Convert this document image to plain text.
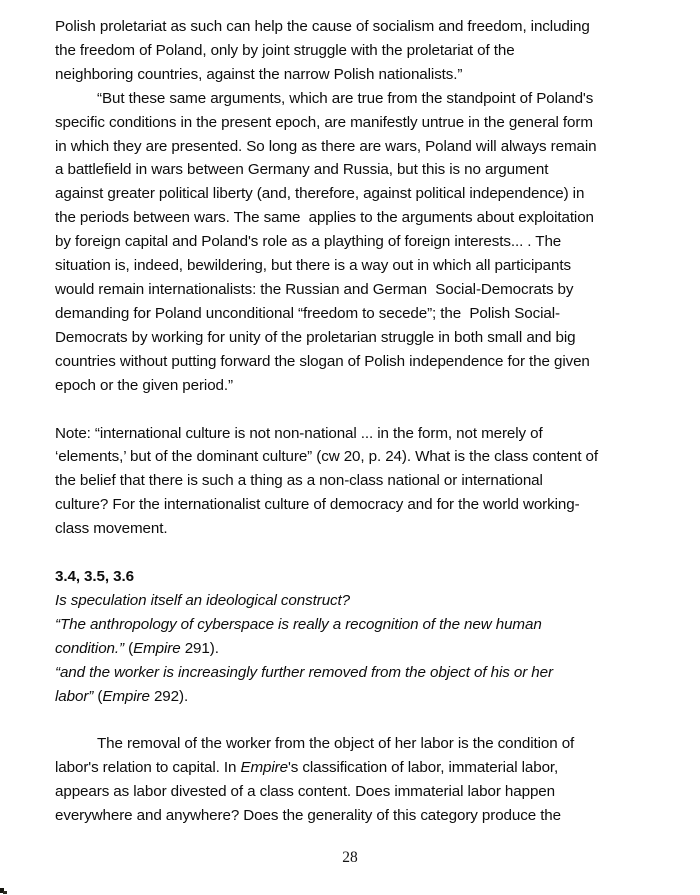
Polish proletariat as such can help the cause of socialism and freedom, including
the freedom of Poland, only by joint struggle with the proletariat of the
neighboring countries, against the narrow Polish nationalists.”
“But these same arguments, which are true from the standpoint of Poland's
specific conditions in the present epoch, are manifestly untrue in the general form
in which they are presented. So long as there are wars, Poland will always remain
a battlefield in wars between Germany and Russia, but this is no argument
against greater political liberty (and, therefore, against political independence) in
the periods between wars. The same  applies to the arguments about exploitation
by foreign capital and Poland's role as a plaything of foreign interests... . The
situation is, indeed, bewildering, but there is a way out in which all participants
would remain internationalists: the Russian and German  Social-Democrats by
demanding for Poland unconditional “freedom to secede”; the  Polish Social-
Democrats by working for unity of the proletarian struggle in both small and big
countries without putting forward the slogan of Polish independence for the given
epoch or the given period.”
Note: “international culture is not non-national ... in the form, not merely of
‘elements,’ but of the dominant culture” (cw 20, p. 24). What is the class content of
the belief that there is such a thing as a non-class national or international
culture? For the internationalist culture of democracy and for the world working-
class movement.
3.4, 3.5, 3.6
Is speculation itself an ideological construct?
“The anthropology of cyberspace is really a recognition of the new human
condition.” (Empire 291).
“and the worker is increasingly further removed from the object of his or her
labor” (Empire 292).
The removal of the worker from the object of her labor is the condition of
labor's relation to capital. In Empire's classification of labor, immaterial labor,
appears as labor divested of a class content. Does immaterial labor happen
everywhere and anywhere? Does the generality of this category produce the
28
